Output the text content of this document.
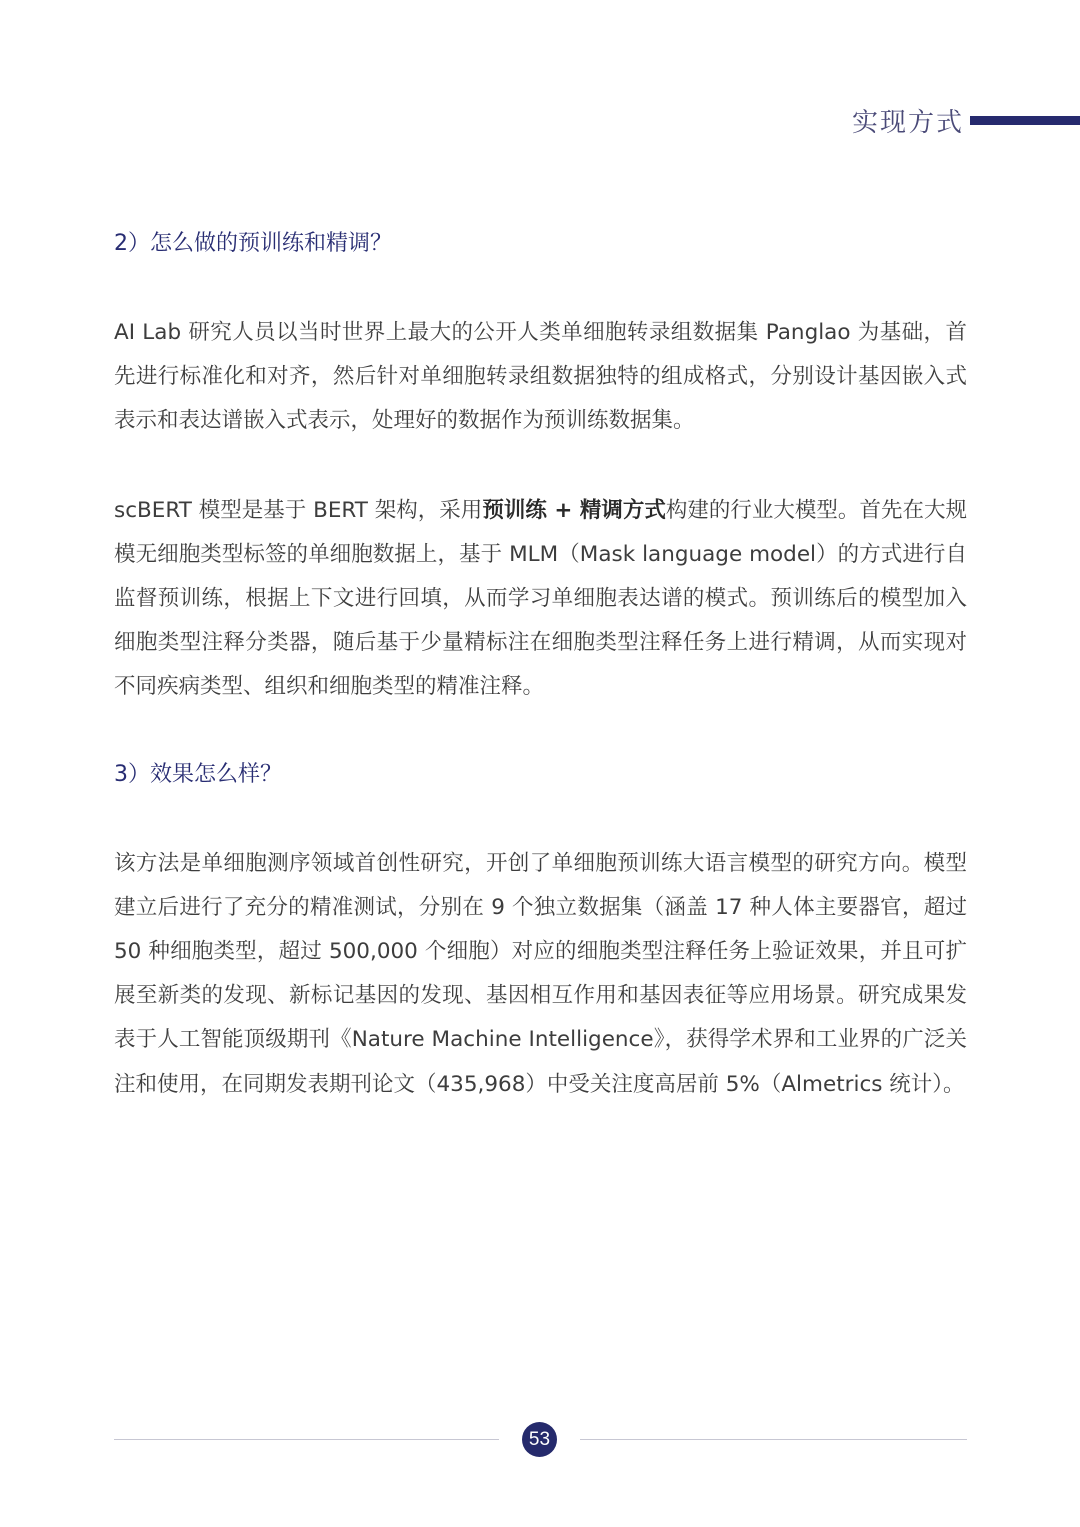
实现方式
2）怎么做的预训练和精调？

AI Lab 研究人员以当时世界上最大的公开人类单细胞转录组数据集 Panglao 为基础，首先进行标准化和对齐，然后针对单细胞转录组数据独特的组成格式，分别设计基因嵌入式表示和表达谱嵌入式表示，处理好的数据作为预训练数据集。

scBERT 模型是基于 BERT 架构，采用预训练 + 精调方式构建的行业大模型。首先在大规模无细胞类型标签的单细胞数据上，基于 MLM（Mask language model）的方式进行自监督预训练，根据上下文进行回填，从而学习单细胞表达谱的模式。预训练后的模型加入细胞类型注释分类器，随后基于少量精标注在细胞类型注释任务上进行精调，从而实现对不同疾病类型、组织和细胞类型的精准注释。

3）效果怎么样？

该方法是单细胞测序领域首创性研究，开创了单细胞预训练大语言模型的研究方向。模型建立后进行了充分的精准测试，分别在 9 个独立数据集（涵盖 17 种人体主要器官，超过 50 种细胞类型，超过 500,000 个细胞）对应的细胞类型注释任务上验证效果，并且可扩展至新类的发现、新标记基因的发现、基因相互作用和基因表征等应用场景。研究成果发表于人工智能顶级期刊《Nature Machine Intelligence》，获得学术界和工业界的广泛关注和使用，在同期发表期刊论文（435,968）中受关注度高居前 5%（Almetrics 统计）。

53
